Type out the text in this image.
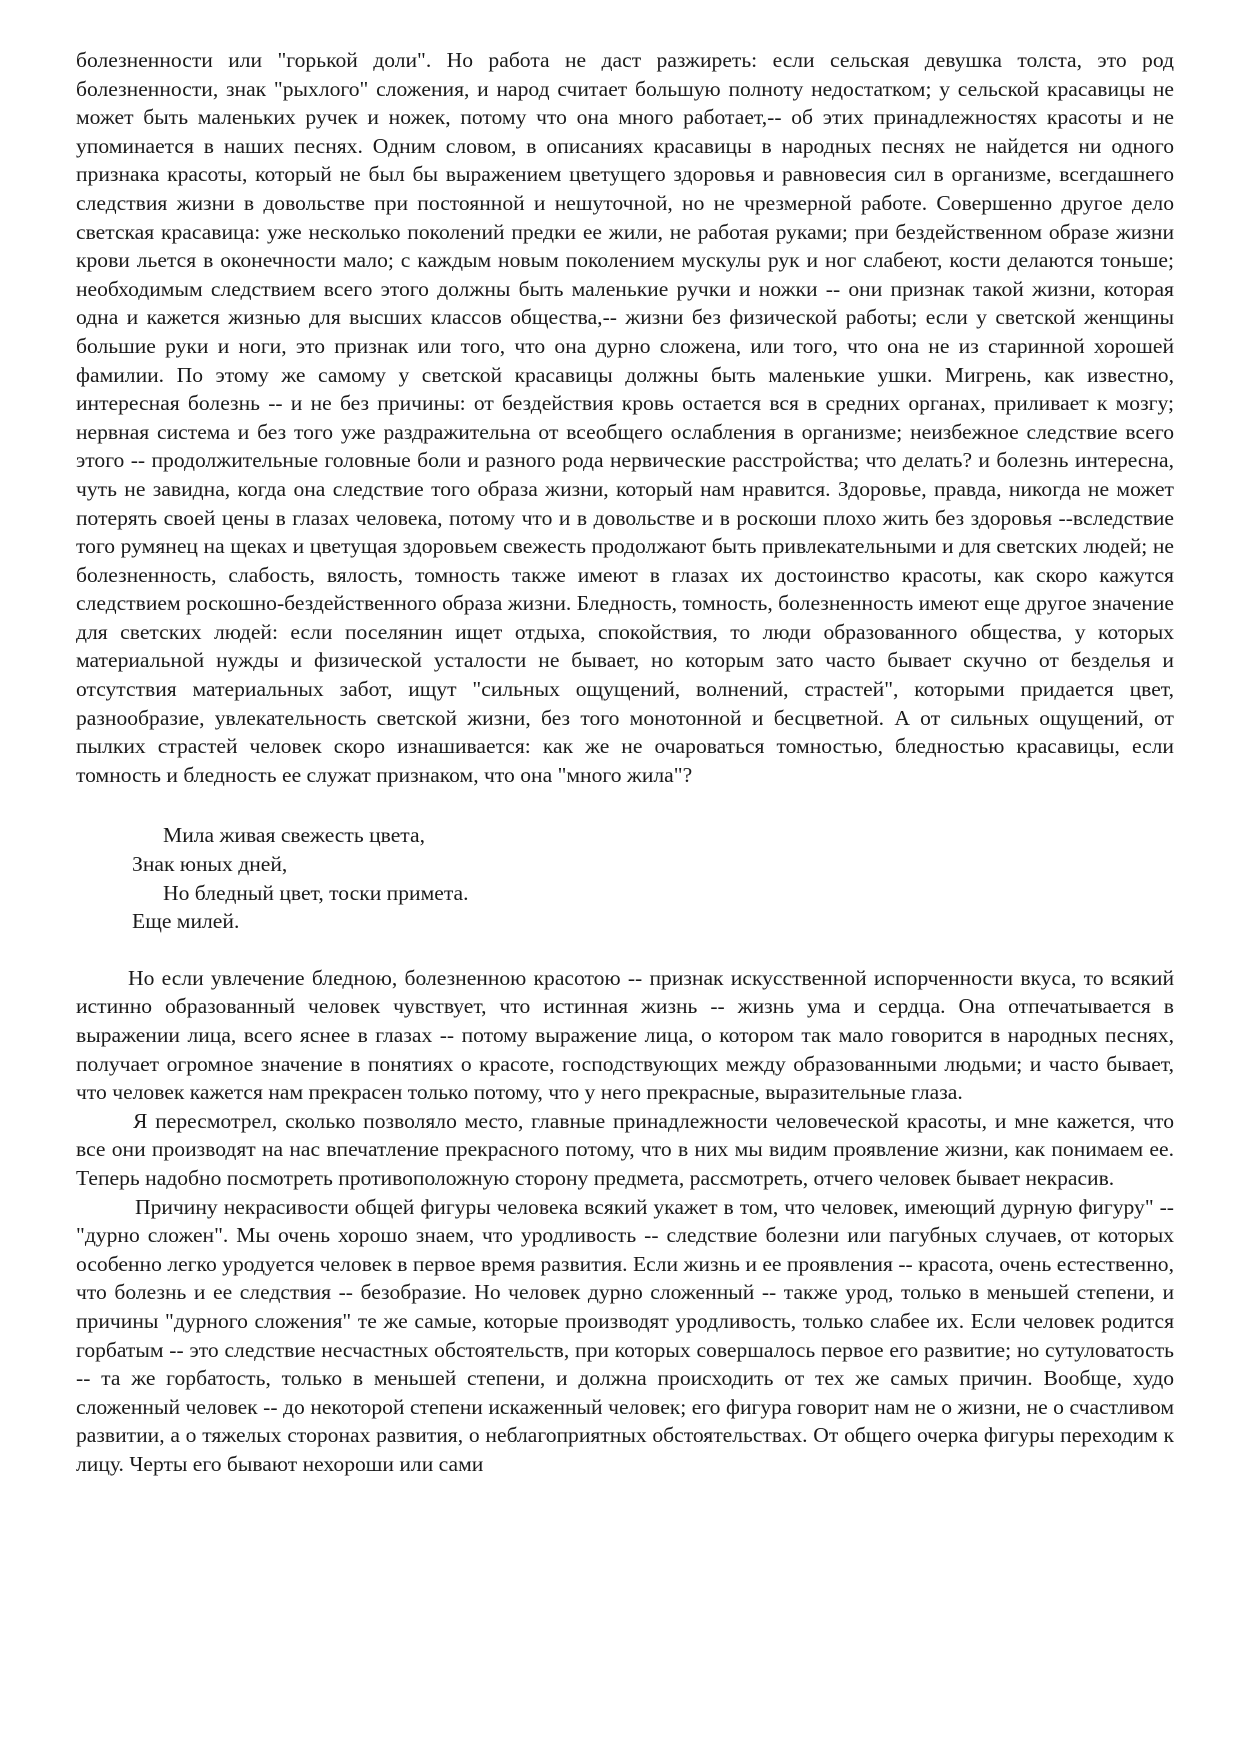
болезненности или "горькой доли". Но работа не даст разжиреть: если сельская девушка толста, это род болезненности, знак "рыхлого" сложения, и народ считает большую полноту недостатком; у сельской красавицы не может быть маленьких ручек и ножек, потому что она много работает,-- об этих принадлежностях красоты и не упоминается в наших песнях. Одним словом, в описаниях красавицы в народных песнях не найдется ни одного признака красоты, который не был бы выражением цветущего здоровья и равновесия сил в организме, всегдашнего следствия жизни в довольстве при постоянной и нешуточной, но не чрезмерной работе. Совершенно другое дело светская красавица: уже несколько поколений предки ее жили, не работая руками; при бездейственном образе жизни крови льется в оконечности мало; с каждым новым поколением мускулы рук и ног слабеют, кости делаются тоньше; необходимым следствием всего этого должны быть маленькие ручки и ножки -- они признак такой жизни, которая одна и кажется жизнью для высших классов общества,-- жизни без физической работы; если у светской женщины большие руки и ноги, это признак или того, что она дурно сложена, или того, что она не из старинной хорошей фамилии. По этому же самому у светской красавицы должны быть маленькие ушки. Мигрень, как известно, интересная болезнь -- и не без причины: от бездействия кровь остается вся в средних органах, приливает к мозгу; нервная система и без того уже раздражительна от всеобщего ослабления в организме; неизбежное следствие всего этого -- продолжительные головные боли и разного рода нервические расстройства; что делать? и болезнь интересна, чуть не завидна, когда она следствие того образа жизни, который нам нравится. Здоровье, правда, никогда не может потерять своей цены в глазах человека, потому что и в довольстве и в роскоши плохо жить без здоровья --вследствие того румянец на щеках и цветущая здоровьем свежесть продолжают быть привлекательными и для светских людей; не болезненность, слабость, вялость, томность также имеют в глазах их достоинство красоты, как скоро кажутся следствием роскошно-бездейственного образа жизни. Бледность, томность, болезненность имеют еще другое значение для светских людей: если поселянин ищет отдыха, спокойствия, то люди образованного общества, у которых материальной нужды и физической усталости не бывает, но которым зато часто бывает скучно от безделья и отсутствия материальных забот, ищут "сильных ощущений, волнений, страстей", которыми придается цвет, разнообразие, увлекательность светской жизни, без того монотонной и бесцветной. А от сильных ощущений, от пылких страстей человек скоро изнашивается: как же не очароваться томностью, бледностью красавицы, если томность и бледность ее служат признаком, что она "много жила"?

Мила живая свежесть цвета,
Знак юных дней,
Но бледный цвет, тоски примета.
Еще милей.

Но если увлечение бледною, болезненною красотою -- признак искусственной испорченности вкуса, то всякий истинно образованный человек чувствует, что истинная жизнь -- жизнь ума и сердца. Она отпечатывается в выражении лица, всего яснее в глазах -- потому выражение лица, о котором так мало говорится в народных песнях, получает огромное значение в понятиях о красоте, господствующих между образованными людьми; и часто бывает, что человек кажется нам прекрасен только потому, что у него прекрасные, выразительные глаза.

Я пересмотрел, сколько позволяло место, главные принадлежности человеческой красоты, и мне кажется, что все они производят на нас впечатление прекрасного потому, что в них мы видим проявление жизни, как понимаем ее. Теперь надобно посмотреть противоположную сторону предмета, рассмотреть, отчего человек бывает некрасив.

Причину некрасивости общей фигуры человека всякий укажет в том, что человек, имеющий дурную фигуру" -- "дурно сложен". Мы очень хорошо знаем, что уродливость -- следствие болезни или пагубных случаев, от которых особенно легко уродуется человек в первое время развития. Если жизнь и ее проявления -- красота, очень естественно, что болезнь и ее следствия -- безобразие. Но человек дурно сложенный -- также урод, только в меньшей степени, и причины "дурного сложения" те же самые, которые производят уродливость, только слабее их. Если человек родится горбатым -- это следствие несчастных обстоятельств, при которых совершалось первое его развитие; но сутуловатость -- та же горбатость, только в меньшей степени, и должна происходить от тех же самых причин. Вообще, худо сложенный человек -- до некоторой степени искаженный человек; его фигура говорит нам не о жизни, не о счастливом развитии, а о тяжелых сторонах развития, о неблагоприятных обстоятельствах. От общего очерка фигуры переходим к лицу. Черты его бывают нехороши или сами
